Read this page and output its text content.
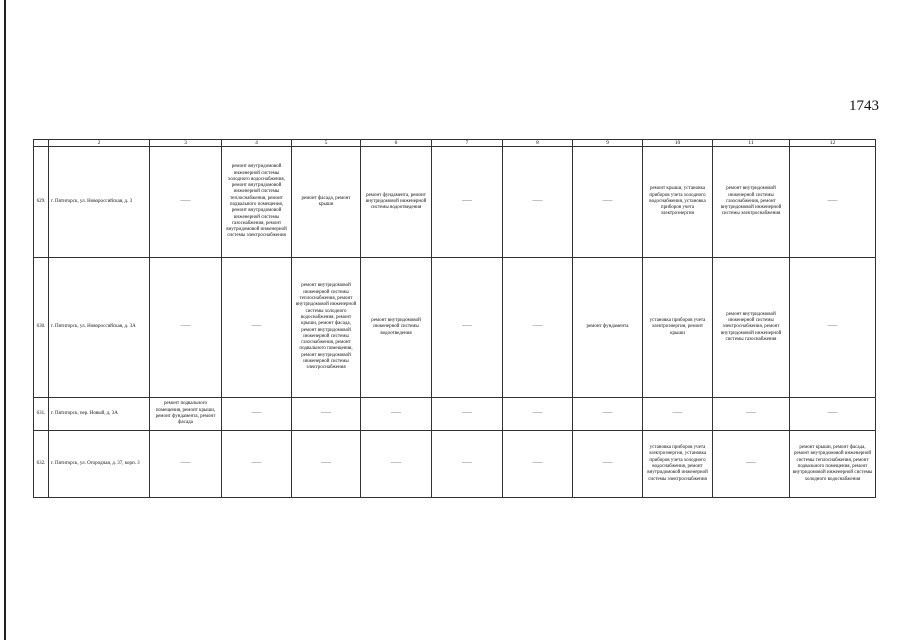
1743
	2	3	4	5	6	7	8	9	10	11	12
629.	г. Пятигорск, ул. Новороссийская, д. 3	——	ремонт внутридомовой инженерной системы холодного водоснабжения, ремонт внутридомовой инженерной системы теплоснабжения, ремонт подвального помещения, ремонт внутридомовой инженерной системы газоснабжения, ремонт внутридомовой инженерной системы электроснабжения	ремонт фасада, ремонт крыши	ремонт фундамента, ремонт внутридомовой инженерной системы водоотведения	——	——	——	ремонт крыши, установка приборов учета холодного водоснабжения, установка приборов учета электроэнергии	ремонт внутридомовой инженерной системы газоснабжения, ремонт внутридомовой инженерной системы электроснабжения	——
630.	г. Пятигорск, ул. Новороссийская, д. 3А	——	——	ремонт внутридомовой инженерной системы теплоснабжения, ремонт внутридомовой инженерной системы холодного водоснабжения, ремонт крыши, ремонт фасада, ремонт внутридомовой инженерной системы газоснабжения, ремонт подвального помещения, ремонт внутридомовой инженерной системы электроснабжения	ремонт внутридомовой инженерной системы водоотведения	——	——	ремонт фундамента	установка приборов учета электроэнергии, ремонт крыши	ремонт внутридомовой инженерной системы электроснабжения, ремонт внутридомовой инженерной системы газоснабжения	——
631.	г. Пятигорск, пер. Новый, д. 3А	ремонт подвального помещения, ремонт крыши, ремонт фундамента, ремонт фасада	——	——	——	——	——	——	——	——	——
632.	г. Пятигорск, ул. Огородная, д. 37, корп. 3	——	——	——	——	——	——	——	установка приборов учета электроэнергии, установка приборов учета холодного водоснабжения, ремонт внутридомовой инженерной системы электроснабжения	——	ремонт крыши, ремонт фасада, ремонт внутридомовой инженерной системы теплоснабжения, ремонт подвального помещения, ремонт внутридомовой инженерной системы холодного водоснабжения
